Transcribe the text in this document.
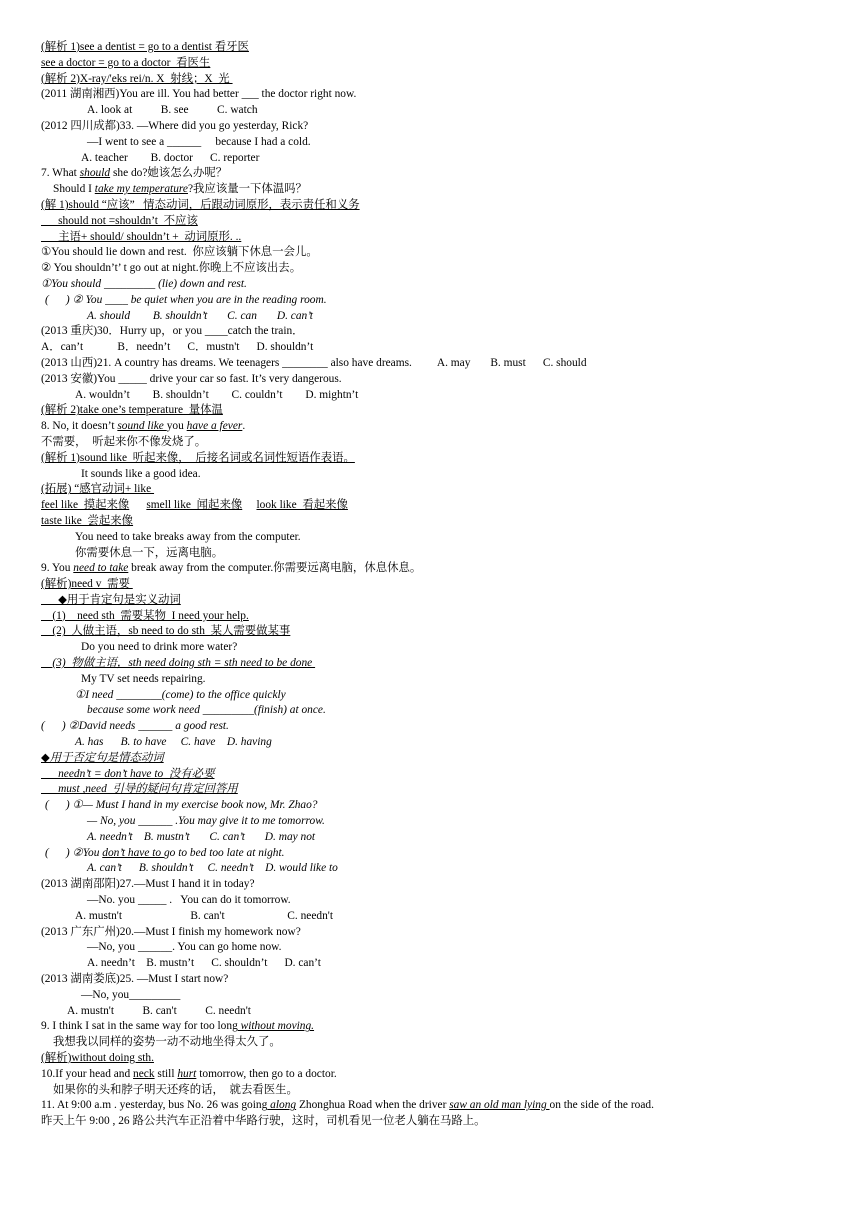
(解析 1)see a dentist = go to a dentist 看牙医
see a doctor = go to a doctor  看医生
(解析 2)X-ray/'eks rei/n. X  射线；X  光
(2011 湖南湘西)You are ill. You had better ___ the doctor right now.
A. look at          B. see          C. watch
(2012 四川成都)33. —Where did you go yesterday, Rick?
—I went to see a ______     because I had a cold.
A. teacher        B. doctor      C. reporter
7. What should she do?她该怎么办呢？
Should I take my temperature?我应该量一下体温吗？
(解 1)should “应该”   情态动词，后跟动词原形，表示责任和义务
should not =shouldn’t  不应该
主语+ should/ shouldn’t +  动词原形. ..
①You should lie down and rest.  你应该躺下休息一会儿。
② You shouldn’t’ t go out at night.你晚上不应该出去。
①You should _________ (lie) down and rest.
(      ) ② You ____ be quiet when you are in the reading room.
A. should        B. shouldn’t       C. can       D. can’t
(2013 重庆)30．Hurry up，or you ____catch the train．
A．can’t            B．needn’t      C．mustn't      D. shouldn’t
(2013 山西)21. A country has dreams. We teenagers ________ also have dreams.         A. may       B. must      C. should
(2013 安徽)You _____ drive your car so fast. It’s very dangerous.
A. wouldn’t        B. shouldn’t        C. couldn’t        D. mightn’t
(解析 2)take one’s temperature  量体温
8. No, it doesn’t sound like you have a fever.
不需要，  听起来你不像发烧了。
(解析 1)sound like  听起来像，  后接名词或名词性短语作表语。
It sounds like a good idea.
(拓展) “感官动词+ like
feel like  摸起来像 smell like  闻起来像 look like  看起来像
taste like  尝起来像
You need to take breaks away from the computer.
你需要休息一下，远离电脑。
9. You need to take break away from the computer.你需要远离电脑，休息休息。
(解析)need v  需要
◆用于肯定句是实义动词
(1)    need sth  需要某物  I need your help.
(2)  人做主语，sb need to do sth  某人需要做某事
Do you need to drink more water?
(3)  物做主语，sth need doing sth = sth need to be done
My TV set needs repairing.
①I need ________(come) to the office quickly
because some work need _________(finish) at once.
(      ) ②David needs ______ a good rest.
A. has      B. to have     C. have    D. having
◆用于否定句是情态动词
needn’t = don’t have to  没有必要
must ,need  引导的疑问句肯定回答用
(      ) ①— Must I hand in my exercise book now, Mr. Zhao?
— No, you ______ .You may give it to me tomorrow.
A. needn’t    B. mustn’t       C. can’t       D. may not
(      ) ②You don’t have to go to bed too late at night.
A. can’t      B. shouldn’t     C. needn’t    D. would like to
(2013 湖南邵阳)27.—Must I hand it in today?
—No. you _____ .   You can do it tomorrow.
A. mustn't                        B. can't                      C. needn't
(2013 广东广州)20.—Must I finish my homework now?
—No, you ______. You can go home now.
A. needn’t    B. mustn’t      C. shouldn’t      D. can’t
(2013 湖南娄底)25. —Must I start now?
—No, you_________
A. mustn't          B. can't          C. needn't
9. I think I sat in the same way for too long without moving.
我想我以同样的姿势一动不动地坐得太久了。
(解析)without doing sth.
10.If your head and neck still hurt tomorrow, then go to a doctor.
如果你的头和脖子明天还疼的话，  就去看医生。
11. At 9:00 a.m . yesterday, bus No. 26 was going along Zhonghua Road when the driver saw an old man lying on the side of the road.
昨天上午 9:00 , 26 路公共汽车正沿着中华路行驶，这时，司机看见一位老人躺在马路上。
